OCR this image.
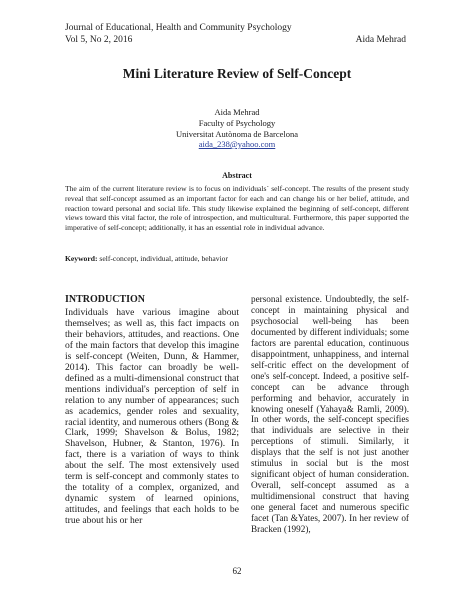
Journal of Educational, Health and Community Psychology
Vol 5, No 2, 2016	Aida Mehrad
Mini Literature Review of Self-Concept
Aida Mehrad
Faculty of Psychology
Universitat Autònoma de Barcelona
aida_238@yahoo.com
Abstract
The aim of the current literature review is to focus on individuals´ self-concept. The results of the present study reveal that self-concept assumed as an important factor for each and can change his or her belief, attitude, and reaction toward personal and social life. This study likewise explained the beginning of self-concept, different views toward this vital factor, the role of introspection, and multicultural. Furthermore, this paper supported the imperative of self-concept; additionally, it has an essential role in individual advance.
Keyword: self-concept, individual, attitude, behavior
INTRODUCTION
Individuals have various imagine about themselves; as well as, this fact impacts on their behaviors, attitudes, and reactions. One of the main factors that develop this imagine is self-concept (Weiten, Dunn, & Hammer, 2014). This factor can broadly be well-defined as a multi-dimensional construct that mentions individual's perception of self in relation to any number of appearances; such as academics, gender roles and sexuality, racial identity, and numerous others (Bong & Clark, 1999; Shavelson & Bolus, 1982; Shavelson, Hubner, & Stanton, 1976). In fact, there is a variation of ways to think about the self. The most extensively used term is self-concept and commonly states to the totality of a complex, organized, and dynamic system of learned opinions, attitudes, and feelings that each holds to be true about his or her
personal existence. Undoubtedly, the self-concept in maintaining physical and psychosocial well-being has been documented by different individuals; some factors are parental education, continuous disappointment, unhappiness, and internal self-critic effect on the development of one's self-concept. Indeed, a positive self-concept can be advance through performing and behavior, accurately in knowing oneself (Yahaya& Ramli, 2009). In other words, the self-concept specifies that individuals are selective in their perceptions of stimuli. Similarly, it displays that the self is not just another stimulus in social but is the most significant object of human consideration. Overall, self-concept assumed as a multidimensional construct that having one general facet and numerous specific facet (Tan &Yates, 2007). In her review of Bracken (1992),
62
